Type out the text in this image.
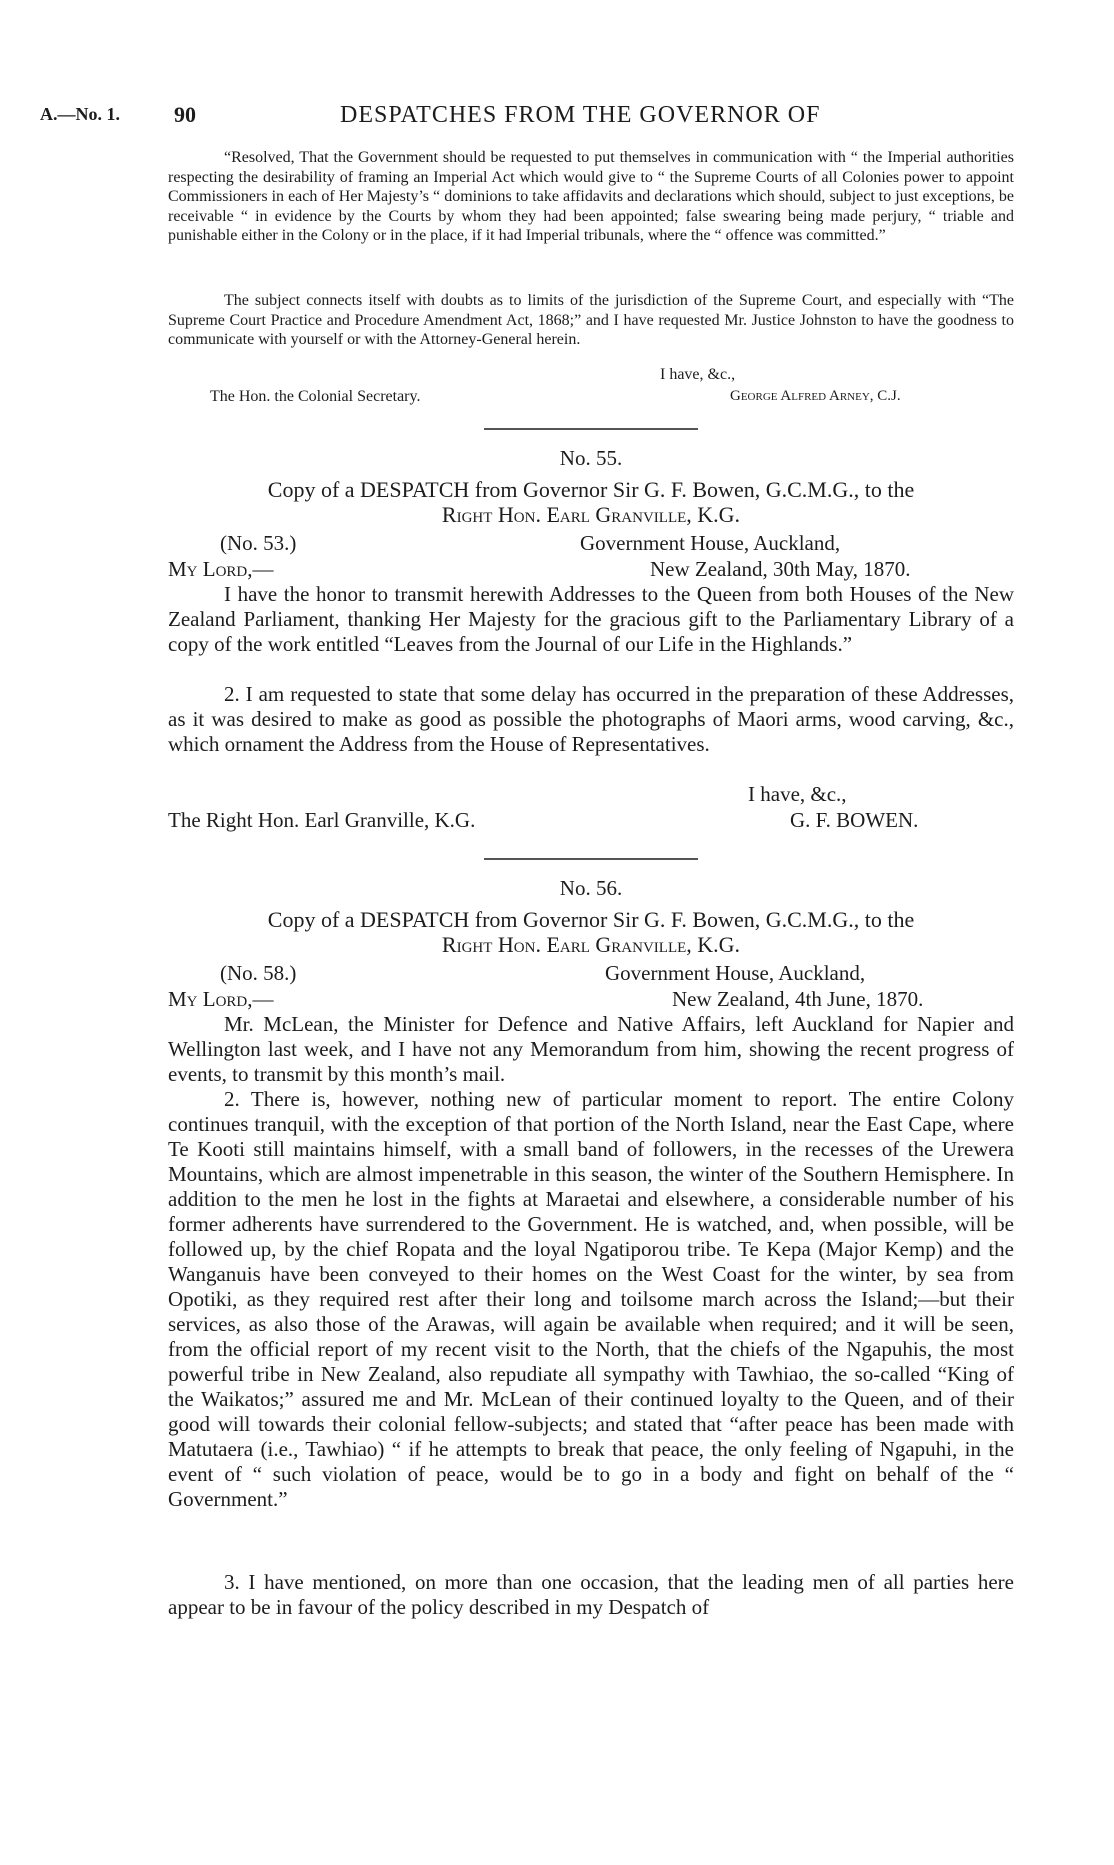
A.—No. 1. 90	DESPATCHES FROM THE GOVERNOR OF

“Resolved, That the Government should be requested to put themselves in communication with “ the Imperial authorities respecting the desirability of framing an Imperial Act which would give to “ the Supreme Courts of all Colonies power to appoint Commissioners in each of Her Majesty’s “ dominions to take affidavits and declarations which should, subject to just exceptions, be receivable “ in evidence by the Courts by whom they had been appointed; false swearing being made perjury, “ triable and punishable either in the Colony or in the place, if it had Imperial tribunals, where the “ offence was committed.”

The subject connects itself with doubts as to limits of the jurisdiction of the Supreme Court, and especially with “The Supreme Court Practice and Procedure Amendment Act, 1868;” and I have requested Mr. Justice Johnston to have the goodness to communicate with yourself or with the Attorney-General herein.

I have, &c.,
The Hon. the Colonial Secretary.	George Alfred Arney, C.J.
No. 55.
Copy of a DESPATCH from Governor Sir G. F. Bowen, G.C.M.G., to the
Right Hon. Earl Granville, K.G.
(No. 53.)	Government House, Auckland,
My Lord,—	New Zealand, 30th May, 1870.

I have the honor to transmit herewith Addresses to the Queen from both Houses of the New Zealand Parliament, thanking Her Majesty for the gracious gift to the Parliamentary Library of a copy of the work entitled “Leaves from the Journal of our Life in the Highlands.”

2. I am requested to state that some delay has occurred in the preparation of these Addresses, as it was desired to make as good as possible the photographs of Maori arms, wood carving, &c., which ornament the Address from the House of Representatives.

I have, &c.,
The Right Hon. Earl Granville, K.G.	G. F. BOWEN.
No. 56.
Copy of a DESPATCH from Governor Sir G. F. Bowen, G.C.M.G., to the
Right Hon. Earl Granville, K.G.
(No. 58.)	Government House, Auckland,
My Lord,—	New Zealand, 4th June, 1870.

Mr. McLean, the Minister for Defence and Native Affairs, left Auckland for Napier and Wellington last week, and I have not any Memorandum from him, showing the recent progress of events, to transmit by this month’s mail.

2. There is, however, nothing new of particular moment to report. The entire Colony continues tranquil, with the exception of that portion of the North Island, near the East Cape, where Te Kooti still maintains himself, with a small band of followers, in the recesses of the Urewera Mountains, which are almost impenetrable in this season, the winter of the Southern Hemisphere. In addition to the men he lost in the fights at Maraetai and elsewhere, a considerable number of his former adherents have surrendered to the Government. He is watched, and, when possible, will be followed up, by the chief Ropata and the loyal Ngatiporou tribe. Te Kepa (Major Kemp) and the Wanganuis have been conveyed to their homes on the West Coast for the winter, by sea from Opotiki, as they required rest after their long and toilsome march across the Island;—but their services, as also those of the Arawas, will again be available when required; and it will be seen, from the official report of my recent visit to the North, that the chiefs of the Ngapuhis, the most powerful tribe in New Zealand, also repudiate all sympathy with Tawhiao, the so-called “King of the Waikatos;” assured me and Mr. McLean of their continued loyalty to the Queen, and of their good will towards their colonial fellow-subjects; and stated that “after peace has been made with Matutaera (i.e., Tawhiao) “ if he attempts to break that peace, the only feeling of Ngapuhi, in the event of “ such violation of peace, would be to go in a body and fight on behalf of the “ Government.”

3. I have mentioned, on more than one occasion, that the leading men of all parties here appear to be in favour of the policy described in my Despatch of
